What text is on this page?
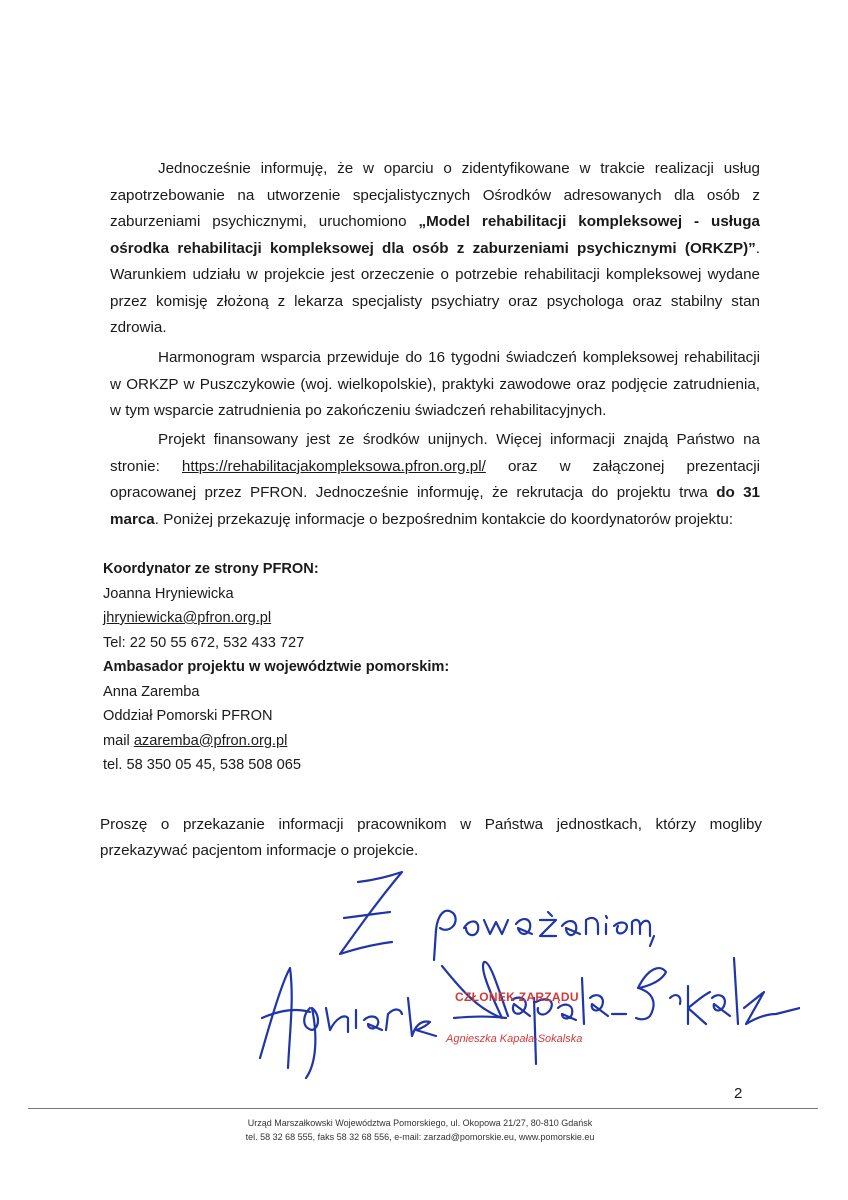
Jednocześnie informuję, że w oparciu o zidentyfikowane w trakcie realizacji usług zapotrzebowanie na utworzenie specjalistycznych Ośrodków adresowanych dla osób z zaburzeniami psychicznymi, uruchomiono „Model rehabilitacji kompleksowej - usługa ośrodka rehabilitacji kompleksowej dla osób z zaburzeniami psychicznymi (ORKZP)”. Warunkiem udziału w projekcie jest orzeczenie o potrzebie rehabilitacji kompleksowej wydane przez komisję złożoną z lekarza specjalisty psychiatry oraz psychologa oraz stabilny stan zdrowia.

Harmonogram wsparcia przewiduje do 16 tygodni świadczeń kompleksowej rehabilitacji w ORKZP w Puszczykowie (woj. wielkopolskie), praktyki zawodowe oraz podjęcie zatrudnienia, w tym wsparcie zatrudnienia po zakończeniu świadczeń rehabilitacyjnych.

Projekt finansowany jest ze środków unijnych. Więcej informacji znajdą Państwo na stronie: https://rehabilitacjakompleksowa.pfron.org.pl/ oraz w załączonej prezentacji opracowanej przez PFRON. Jednocześnie informuję, że rekrutacja do projektu trwa do 31 marca. Poniżej przekazuję informacje o bezpośrednim kontakcie do koordynatorów projektu:

Koordynator ze strony PFRON:
Joanna Hryniewicka
jhryniewicka@pfron.org.pl
Tel: 22 50 55 672, 532 433 727
Ambasador projektu w województwie pomorskim:
Anna Zaremba
Oddział Pomorski PFRON
mail azaremba@pfron.org.pl
tel. 58 350 05 45, 538 508 065

Proszę o przekazanie informacji pracownikom w Państwa jednostkach, którzy mogliby przekazywać pacjentom informacje o projekcie.

CZŁONEK ZARZĄDU
Agnieszka Kapała-Sokalska
2
Urząd Marszałkowski Województwa Pomorskiego, ul. Okopowa 21/27, 80-810 Gdańsk
tel. 58 32 68 555, faks 58 32 68 556, e-mail: zarzad@pomorskie.eu, www.pomorskie.eu
